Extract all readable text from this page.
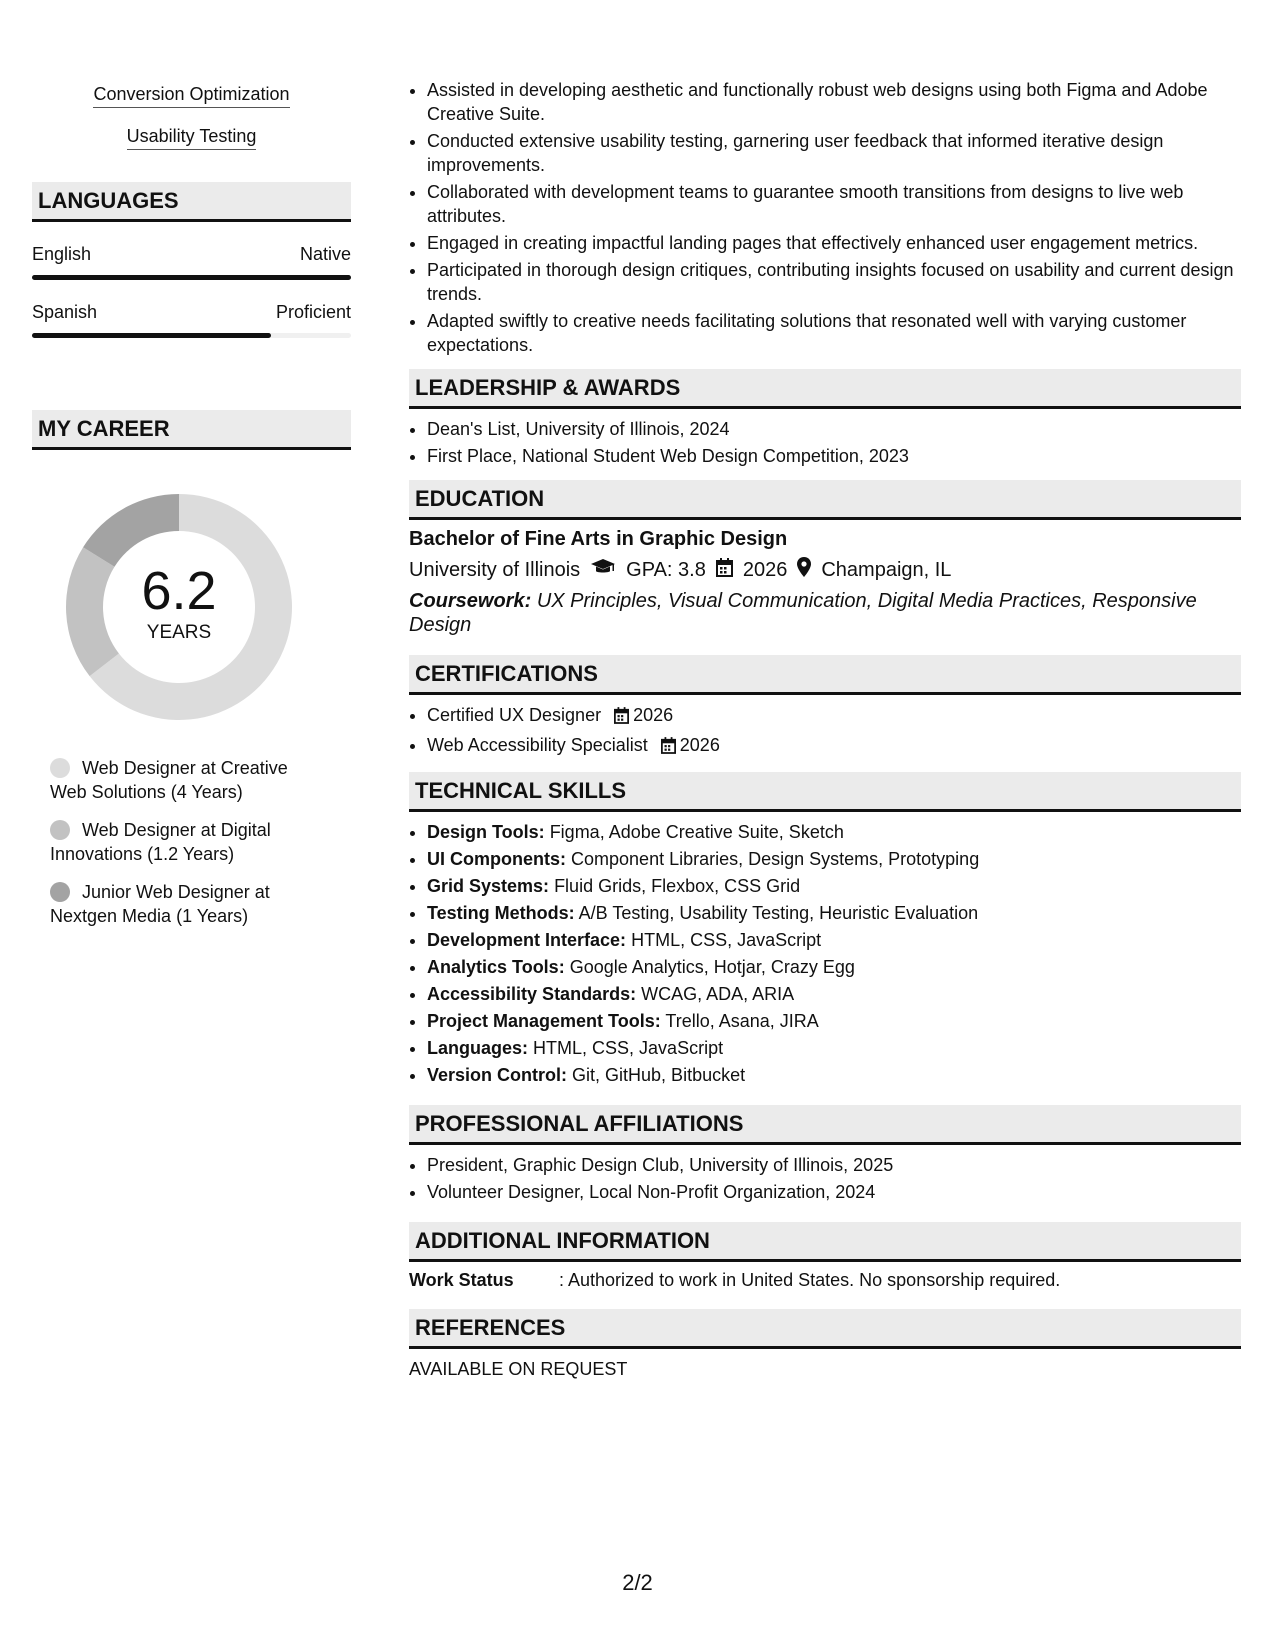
Conversion Optimization
Usability Testing
LANGUAGES
English	Native
Spanish	Proficient
MY CAREER
6.2
YEARS
Web Designer at Creative Web Solutions (4 Years)
Web Designer at Digital Innovations (1.2 Years)
Junior Web Designer at Nextgen Media (1 Years)
• Assisted in developing aesthetic and functionally robust web designs using both Figma and Adobe Creative Suite.
• Conducted extensive usability testing, garnering user feedback that informed iterative design improvements.
• Collaborated with development teams to guarantee smooth transitions from designs to live web attributes.
• Engaged in creating impactful landing pages that effectively enhanced user engagement metrics.
• Participated in thorough design critiques, contributing insights focused on usability and current design trends.
• Adapted swiftly to creative needs facilitating solutions that resonated well with varying customer expectations.
LEADERSHIP & AWARDS
• Dean's List, University of Illinois, 2024
• First Place, National Student Web Design Competition, 2023
EDUCATION
Bachelor of Fine Arts in Graphic Design
University of Illinois GPA: 3.8 2026 Champaign, IL
Coursework: UX Principles, Visual Communication, Digital Media Practices, Responsive Design
CERTIFICATIONS
• Certified UX Designer 2026
• Web Accessibility Specialist 2026
TECHNICAL SKILLS
• Design Tools: Figma, Adobe Creative Suite, Sketch
• UI Components: Component Libraries, Design Systems, Prototyping
• Grid Systems: Fluid Grids, Flexbox, CSS Grid
• Testing Methods: A/B Testing, Usability Testing, Heuristic Evaluation
• Development Interface: HTML, CSS, JavaScript
• Analytics Tools: Google Analytics, Hotjar, Crazy Egg
• Accessibility Standards: WCAG, ADA, ARIA
• Project Management Tools: Trello, Asana, JIRA
• Languages: HTML, CSS, JavaScript
• Version Control: Git, GitHub, Bitbucket
PROFESSIONAL AFFILIATIONS
• President, Graphic Design Club, University of Illinois, 2025
• Volunteer Designer, Local Non-Profit Organization, 2024
ADDITIONAL INFORMATION
Work Status	: Authorized to work in United States. No sponsorship required.
REFERENCES
AVAILABLE ON REQUEST
2/2
